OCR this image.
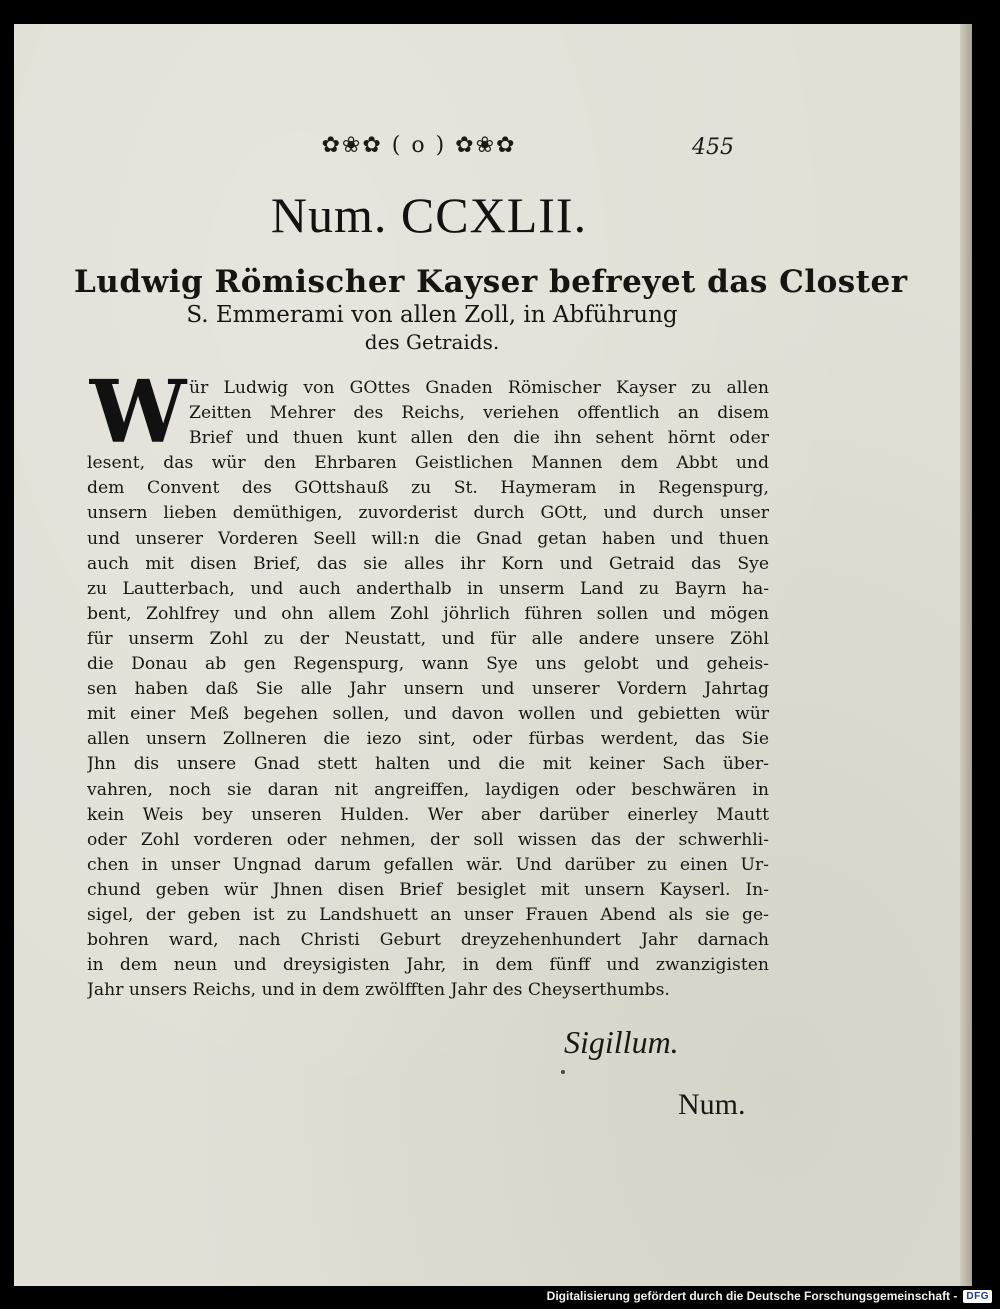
✿❀✿ ( o ) ✿❀✿	455
Num. CCXLII.
Ludwig Römischer Kayser befreyet das Closter
S. Emmerami von allen Zoll, in Abführung
des Getraids.
W ür Ludwig von GOttes Gnaden Römischer Kayser zu allen
Zeitten Mehrer des Reichs, veriehen offentlich an disem
Brief und thuen kunt allen den die ihn sehent hörnt oder
lesent, das wür den Ehrbaren Geistlichen Mannen dem Abbt und
dem Convent des GOttshauß zu St. Haymeram in Regenspurg,
unsern lieben demüthigen, zuvorderist durch GOtt, und durch unser
und unserer Vorderen Seell will:n die Gnad getan haben und thuen
auch mit disen Brief, das sie alles ihr Korn und Getraid das Sye
zu Lautterbach, und auch anderthalb in unserm Land zu Bayrn ha-
bent, Zohlfrey und ohn allem Zohl jöhrlich führen sollen und mögen
für unserm Zohl zu der Neustatt, und für alle andere unsere Zöhl
die Donau ab gen Regenspurg, wann Sye uns gelobt und geheis-
sen haben daß Sie alle Jahr unsern und unserer Vordern Jahrtag
mit einer Meß begehen sollen, und davon wollen und gebietten wür
allen unsern Zollneren die iezo sint, oder fürbas werdent, das Sie
Jhn dis unsere Gnad stett halten und die mit keiner Sach über-
vahren, noch sie daran nit angreiffen, laydigen oder beschwären in
kein Weis bey unseren Hulden. Wer aber darüber einerley Mautt
oder Zohl vorderen oder nehmen, der soll wissen das der schwerhli-
chen in unser Ungnad darum gefallen wär. Und darüber zu einen Ur-
chund geben wür Jhnen disen Brief besiglet mit unsern Kayserl. In-
sigel, der geben ist zu Landshuett an unser Frauen Abend als sie ge-
bohren ward, nach Christi Geburt dreyzehenhundert Jahr darnach
in dem neun und dreysigisten Jahr, in dem fünff und zwanzigisten
Jahr unsers Reichs, und in dem zwölfften Jahr des Cheyserthumbs.
Sigillum.
Num.
Digitalisierung gefördert durch die Deutsche Forschungsgemeinschaft - DFG
